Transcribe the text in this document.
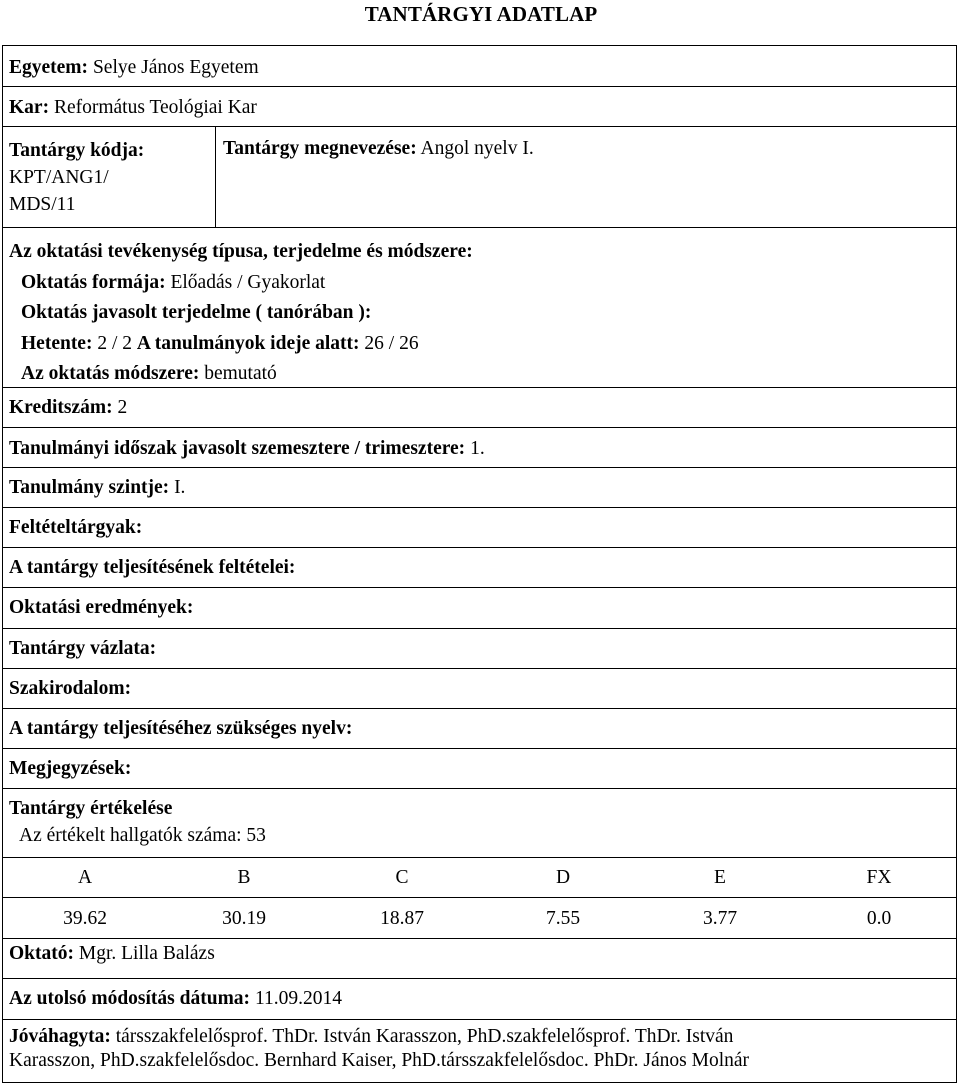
TANTÁRGYI ADATLAP
Egyetem: Selye János Egyetem
Kar: Református Teológiai Kar
Tantárgy kódja:
KPT/ANG1/
MDS/11
Tantárgy megnevezése: Angol nyelv I.
Az oktatási tevékenység típusa, terjedelme és módszere:
Oktatás formája: Előadás / Gyakorlat
Oktatás javasolt terjedelme ( tanórában ):
Hetente: 2 / 2 A tanulmányok ideje alatt: 26 / 26
Az oktatás módszere: bemutató
Kreditszám: 2
Tanulmányi időszak javasolt szemesztere / trimesztere: 1.
Tanulmány szintje: I.
Feltételtárgyak:
A tantárgy teljesítésének feltételei:
Oktatási eredmények:
Tantárgy vázlata:
Szakirodalom:
A tantárgy teljesítéséhez szükséges nyelv:
Megjegyzések:
Tantárgy értékelése
Az értékelt hallgatók száma: 53
A	B	C	D	E	FX
39.62	30.19	18.87	7.55	3.77	0.0
Oktató: Mgr. Lilla Balázs
Az utolsó módosítás dátuma: 11.09.2014
Jóváhagyta: társszakfelelősprof. ThDr. István Karasszon, PhD.szakfelelősprof. ThDr. István
Karasszon, PhD.szakfelelősdoc. Bernhard Kaiser, PhD.társszakfelelősdoc. PhDr. János Molnár
